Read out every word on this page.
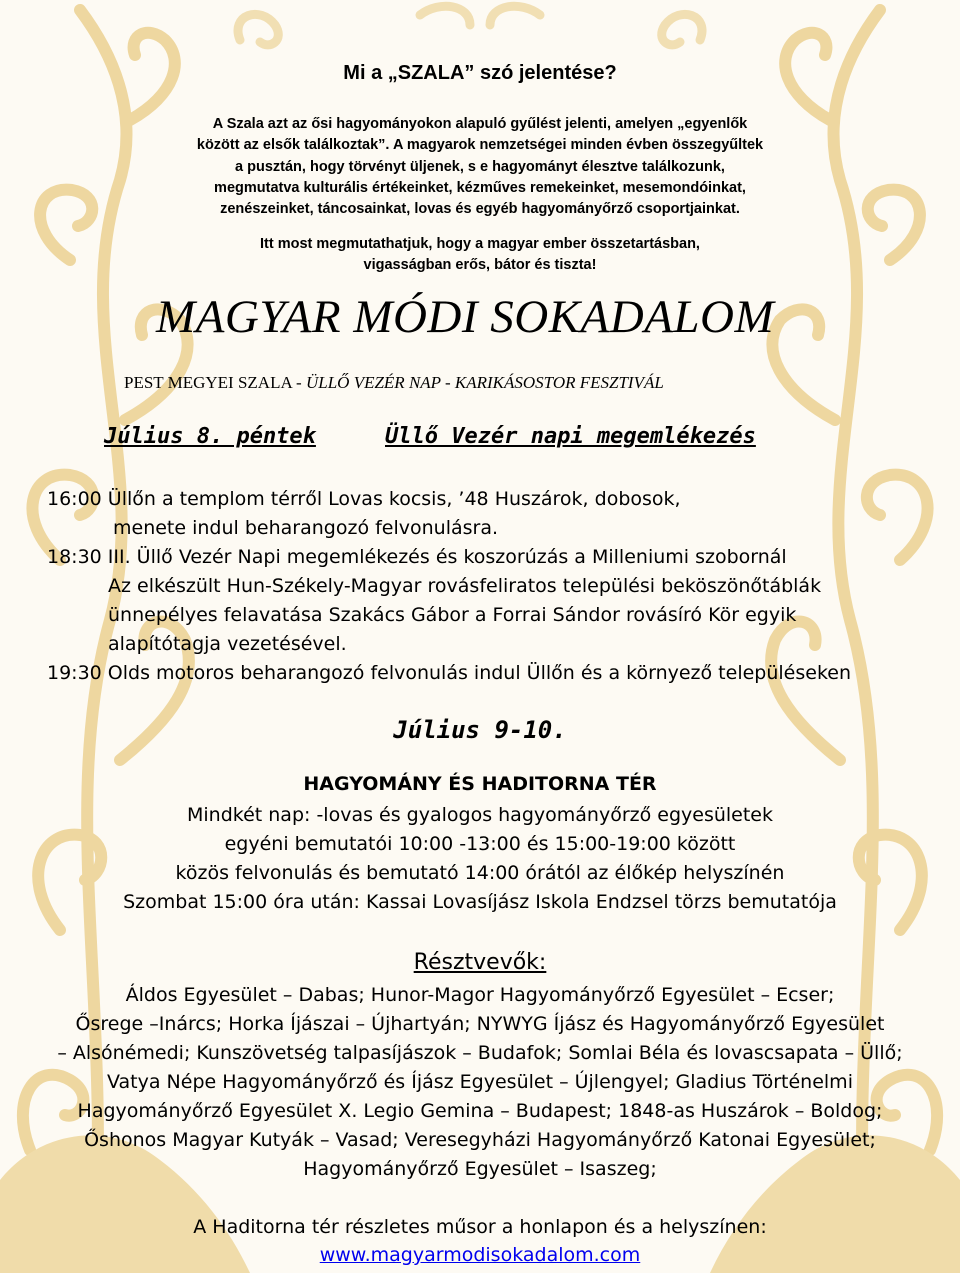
Mi a „SZALA” szó jelentése?
A Szala azt az ősi hagyományokon alapuló gyűlést jelenti, amelyen „egyenlők
között az elsők találkoztak”. A magyarok nemzetségei minden évben összegyűltek
a pusztán, hogy törvényt üljenek, s e hagyományt élesztve találkozunk,
megmutatva kulturális értékeinket, kézműves remekeinket, mesemondóinkat,
zenészeinket, táncosainkat, lovas és egyéb hagyományőrző csoportjainkat.
Itt most megmutathatjuk, hogy a magyar ember összetartásban,
vigasságban erős, bátor és tiszta!
MAGYAR MÓDI SOKADALOM
PEST MEGYEI SZALA - ÜLLŐ VEZÉR NAP - KARIKÁSOSTOR FESZTIVÁL
Július 8. péntek	Üllő Vezér napi megemlékezés
16:00 Üllőn a templom térről Lovas kocsis, ’48 Huszárok, dobosok,
menete indul beharangozó felvonulásra.
18:30 III. Üllő Vezér Napi megemlékezés és koszorúzás a Milleniumi szobornál
Az elkészült Hun-Székely-Magyar rovásfeliratos települési beköszönőtáblák
ünnepélyes felavatása Szakács Gábor a Forrai Sándor rovásíró Kör egyik
alapítótagja vezetésével.
19:30 Olds motoros beharangozó felvonulás indul Üllőn és a környező településeken
Július 9-10.
HAGYOMÁNY ÉS HADITORNA TÉR
Mindkét nap: -lovas és gyalogos hagyományőrző egyesületek
egyéni bemutatói 10:00 -13:00 és 15:00-19:00 között
közös felvonulás és bemutató 14:00 órától az élőkép helyszínén
Szombat 15:00 óra után: Kassai Lovasíjász Iskola Endzsel törzs bemutatója
Résztvevők:
Áldos Egyesület – Dabas; Hunor-Magor Hagyományőrző Egyesület – Ecser;
Ősrege –Inárcs; Horka Íjászai – Újhartyán; NYWYG Íjász és Hagyományőrző Egyesület
– Alsónémedi; Kunszövetség talpasíjászok – Budafok; Somlai Béla és lovascsapata – Üllő;
Vatya Népe Hagyományőrző és Íjász Egyesület – Újlengyel; Gladius Történelmi
Hagyományőrző Egyesület X. Legio Gemina – Budapest; 1848-as Huszárok – Boldog;
Őshonos Magyar Kutyák – Vasad; Veresegyházi Hagyományőrző Katonai Egyesület;
Hagyományőrző Egyesület – Isaszeg;
A Haditorna tér részletes műsor a honlapon és a helyszínen:
www.magyarmodisokadalom.com
